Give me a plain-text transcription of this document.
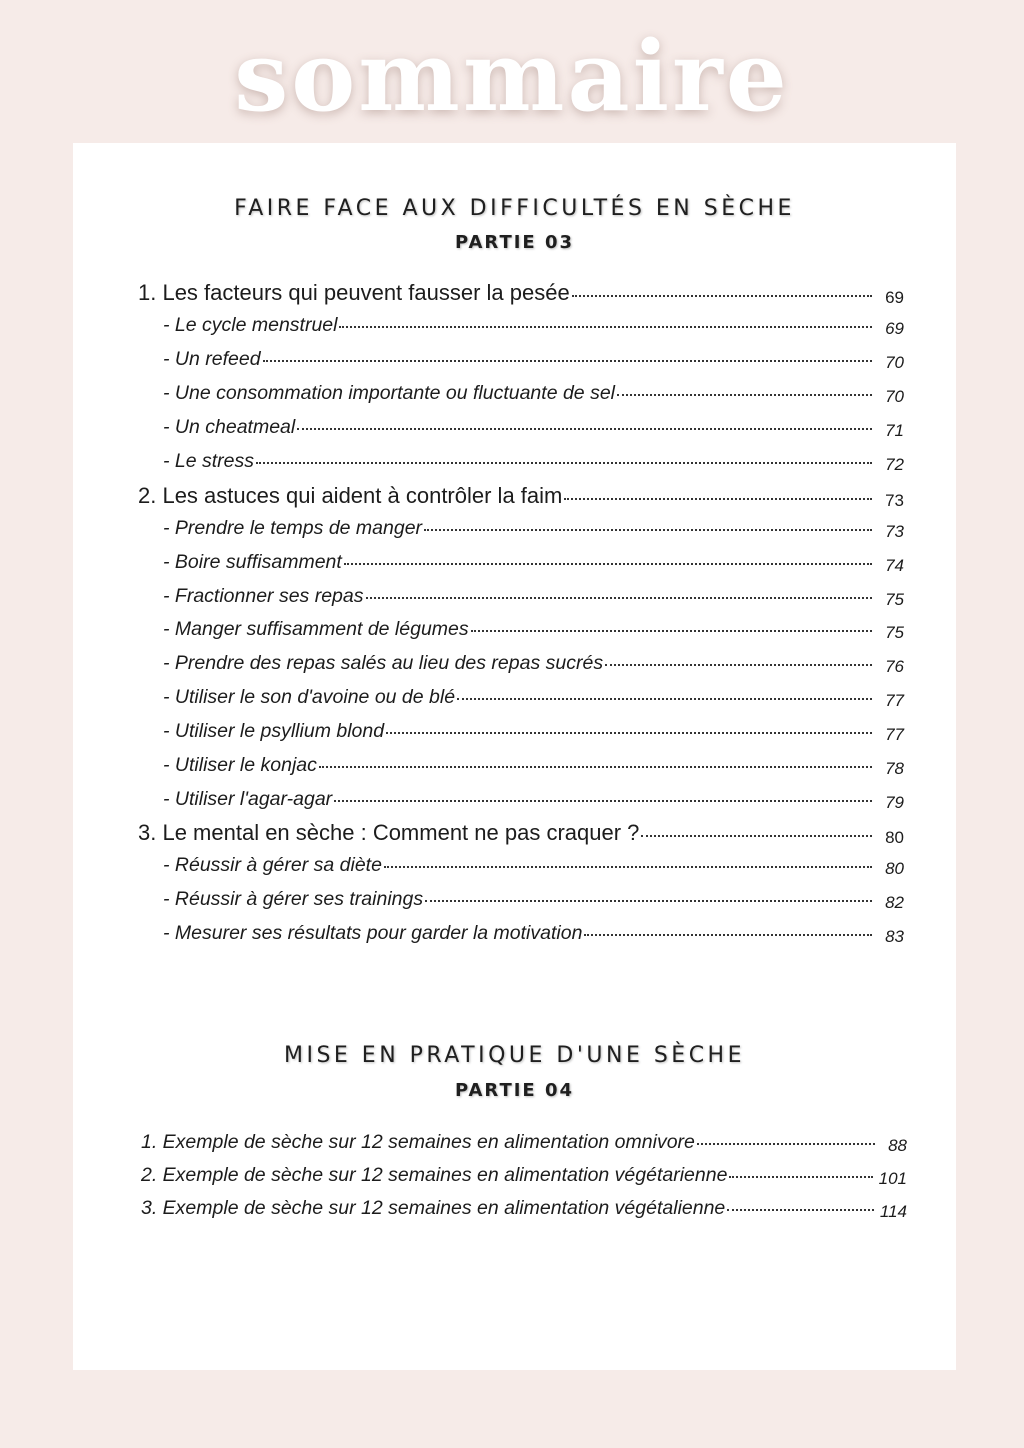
sommaire
FAIRE FACE AUX DIFFICULTÉS EN SÈCHE
PARTIE 03
1. Les facteurs qui peuvent fausser la pesée	69
- Le cycle menstruel	69
- Un refeed	70
- Une consommation importante ou fluctuante de sel	70
- Un cheatmeal	71
- Le stress	72
2. Les astuces qui aident à contrôler la faim	73
- Prendre le temps de manger	73
- Boire suffisamment	74
- Fractionner ses repas	75
- Manger suffisamment de légumes	75
- Prendre des repas salés au lieu des repas sucrés	76
- Utiliser le son d'avoine ou de blé	77
- Utiliser le psyllium blond	77
- Utiliser le konjac	78
- Utiliser l'agar-agar	79
3. Le mental en sèche : Comment ne pas craquer ?	80
- Réussir à gérer sa diète	80
- Réussir à gérer ses trainings	82
- Mesurer ses résultats pour garder la motivation	83
MISE EN PRATIQUE D'UNE SÈCHE
PARTIE 04
1. Exemple de sèche sur 12 semaines en alimentation omnivore	88
2. Exemple de sèche sur 12 semaines en alimentation végétarienne	101
3. Exemple de sèche sur 12 semaines en alimentation végétalienne	114
